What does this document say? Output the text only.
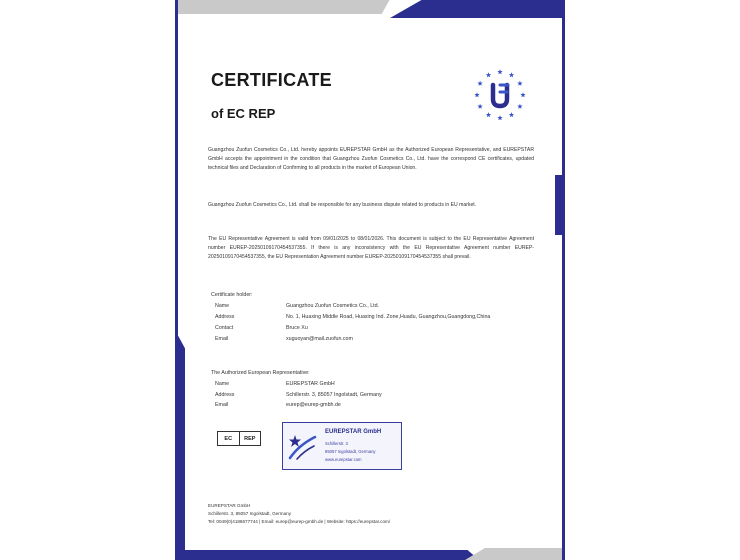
CERTIFICATE
of EC REP

Guangzhou Zuofun Cosmetics Co., Ltd. hereby appoints EUREPSTAR GmbH as the Authorized European Representative, and EUREPSTAR GmbH accepts the appointment in the condition that Guangzhou Zuofun Cosmetics Co., Ltd. have the correspond CE certificates, updated technical files and Declaration of Confirming to all products in the market of European Union.

Guangzhou Zuofun Cosmetics Co., Ltd. shall be responsible for any business dispute related to products in EU market.

The EU Representative Agreement is valid from 09/01/2025 to 08/01/2026. This document is subject to the EU Representative Agreement number EUREP-20250109170454537355. If there is any inconsistency with the EU Representative Agreement number EUREP-20250109170454537355, the EU Representation Agreement number EUREP-20250109170454537355 shall prevail.

Certificate holder:

Name	Guangzhou Zuofun Cosmetics Co., Ltd.
Address	No. 1, Huaxing Middle Road, Huaxing Ind. Zone,Huadu, Guangzhou,Guangdong,China
Contact	Bruce Xu
Email	xuguoyan@mail.zuofun.com

The Authorized European Representative:

Name	EUREPSTAR GmbH
Address	Schillerstr. 3, 85057 Ingolstadt, Germany
Email	eurep@eurep-gmbh.de
EC	REP
EUREPSTAR GmbH
Schillerstr. 3
85057 Ingolstadt, Germany
www.eurepstar.com
EUREPSTAR GmbH
Schillerstr. 3, 85057 Ingolstadt, Germany
Tel: 0049(0)4188677744 | Email: eurep@eurep-gmbh.de | Website: https://eurepstar.com/
